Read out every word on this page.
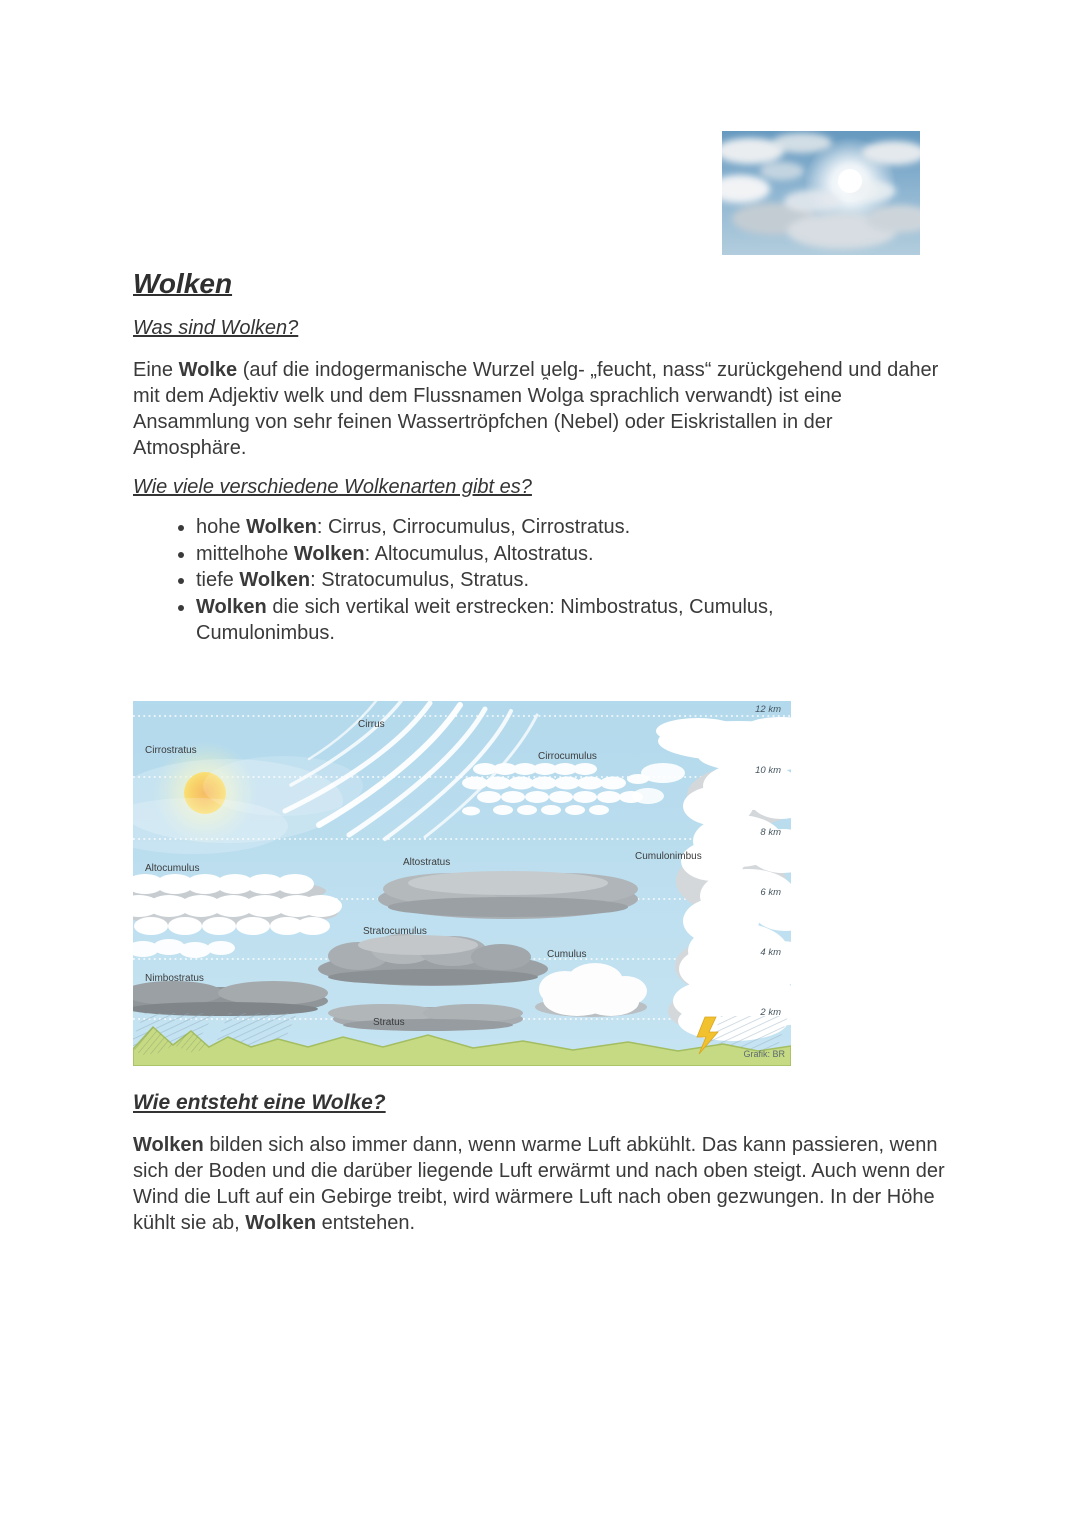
Wolken
Was sind Wolken?

Eine Wolke (auf die indogermanische Wurzel u̯elg- „feucht, nass“ zurückgehend und daher mit dem Adjektiv welk und dem Flussnamen Wolga sprachlich verwandt) ist eine Ansammlung von sehr feinen Wassertröpfchen (Nebel) oder Eiskristallen in der Atmosphäre.

Wie viele verschiedene Wolkenarten gibt es?
• hohe Wolken: Cirrus, Cirrocumulus, Cirrostratus.
• mittelhohe Wolken: Altocumulus, Altostratus.
• tiefe Wolken: Stratocumulus, Stratus.
• Wolken die sich vertikal weit erstrecken: Nimbostratus, Cumulus, Cumulonimbus.
Cirrus
Cirrostratus
Cirrocumulus
Altocumulus
Altostratus
Cumulonimbus
Stratocumulus
Cumulus
Nimbostratus
Stratus
12 km
10 km
8 km
6 km
4 km
2 km
Grafik: BR
Wie entsteht eine Wolke?

Wolken bilden sich also immer dann, wenn warme Luft abkühlt. Das kann passieren, wenn sich der Boden und die darüber liegende Luft erwärmt und nach oben steigt. Auch wenn der Wind die Luft auf ein Gebirge treibt, wird wärmere Luft nach oben gezwungen. In der Höhe kühlt sie ab, Wolken entstehen.
